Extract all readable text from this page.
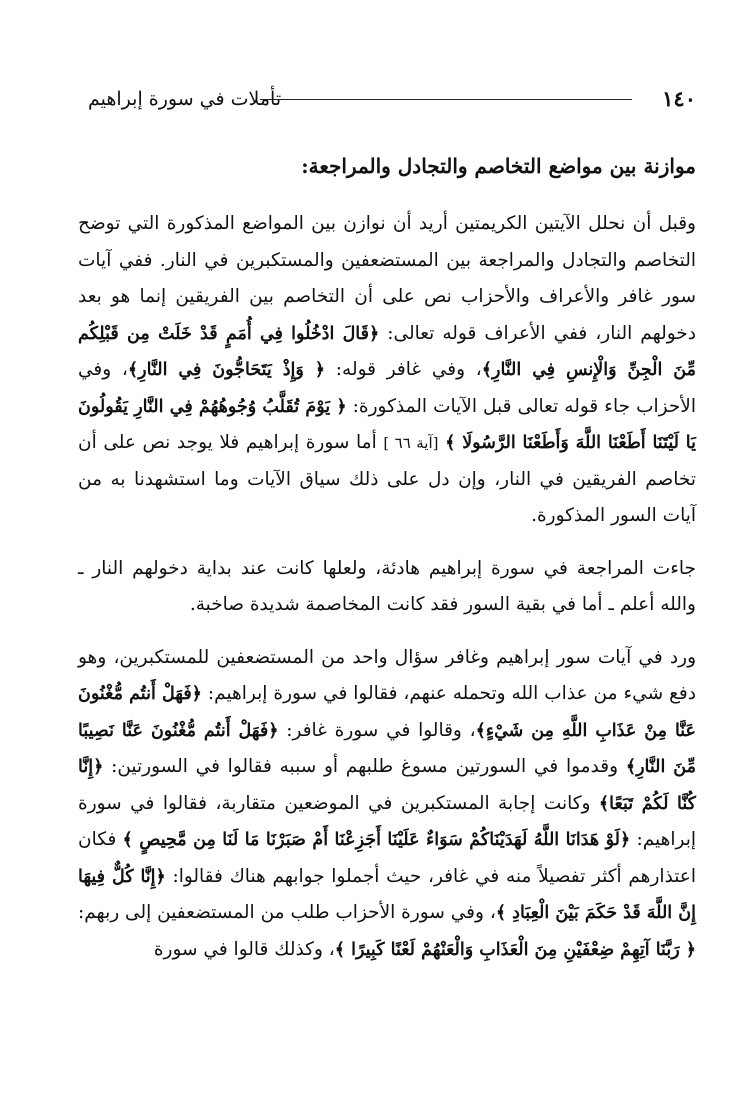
تأملات في سورة إبراهيم	١٤٠
موازنة بين مواضع التخاصم والتجادل والمراجعة:

وقبل أن نحلل الآيتين الكريمتين أريد أن نوازن بين المواضع المذكورة التي توضح التخاصم والتجادل والمراجعة بين المستضعفين والمستكبرين في النار. ففي آيات سور غافر والأعراف والأحزاب نص على أن التخاصم بين الفريقين إنما هو بعد دخولهم النار، ففي الأعراف قوله تعالى: ﴿قَالَ ادْخُلُوا فِي أُمَمٍ قَدْ خَلَتْ مِن قَبْلِكُم مِّنَ الْجِنِّ وَالْإِنسِ فِي النَّارِ﴾، وفي غافر قوله: ﴿ وَإِذْ يَتَحَاجُّونَ فِي النَّارِ﴾، وفي الأحزاب جاء قوله تعالى قبل الآيات المذكورة: ﴿ يَوْمَ تُقَلَّبُ وُجُوهُهُمْ فِي النَّارِ يَقُولُونَ يَا لَيْتَنَا أَطَعْنَا اللَّهَ وَأَطَعْنَا الرَّسُولَا ﴾ [آية ٦٦ ] أما سورة إبراهيم فلا يوجد نص على أن تخاصم الفريقين في النار، وإن دل على ذلك سياق الآيات وما استشهدنا به من آيات السور المذكورة.

جاءت المراجعة في سورة إبراهيم هادئة، ولعلها كانت عند بداية دخولهم النار ـ والله أعلم ـ أما في بقية السور فقد كانت المخاصمة شديدة صاخبة.

ورد في آيات سور إبراهيم وغافر سؤال واحد من المستضعفين للمستكبرين، وهو دفع شيء من عذاب الله وتحمله عنهم، فقالوا في سورة إبراهيم: ﴿فَهَلْ أَنتُم مُّغْنُونَ عَنَّا مِنْ عَذَابِ اللَّهِ مِن شَيْءٍ﴾، وقالوا في سورة غافر: ﴿فَهَلْ أَنتُم مُّغْنُونَ عَنَّا نَصِيبًا مِّنَ النَّارِ﴾ وقدموا في السورتين مسوغ طلبهم أو سببه فقالوا في السورتين: ﴿إِنَّا كُنَّا لَكُمْ تَبَعًا﴾ وكانت إجابة المستكبرين في الموضعين متقاربة، فقالوا في سورة إبراهيم: ﴿لَوْ هَدَانَا اللَّهُ لَهَدَيْنَاكُمْ سَوَاءٌ عَلَيْنَا أَجَزِعْنَا أَمْ صَبَرْنَا مَا لَنَا مِن مَّحِيصٍ ﴾ فكان اعتذارهم أكثر تفصيلاً منه في غافر، حيث أجملوا جوابهم هناك فقالوا: ﴿إِنَّا كُلٌّ فِيهَا إِنَّ اللَّهَ قَدْ حَكَمَ بَيْنَ الْعِبَادِ ﴾، وفي سورة الأحزاب طلب من المستضعفين إلى ربهم: ﴿ رَبَّنَا آتِهِمْ ضِعْفَيْنِ مِنَ الْعَذَابِ وَالْعَنْهُمْ لَعْنًا كَبِيرًا ﴾، وكذلك قالوا في سورة
